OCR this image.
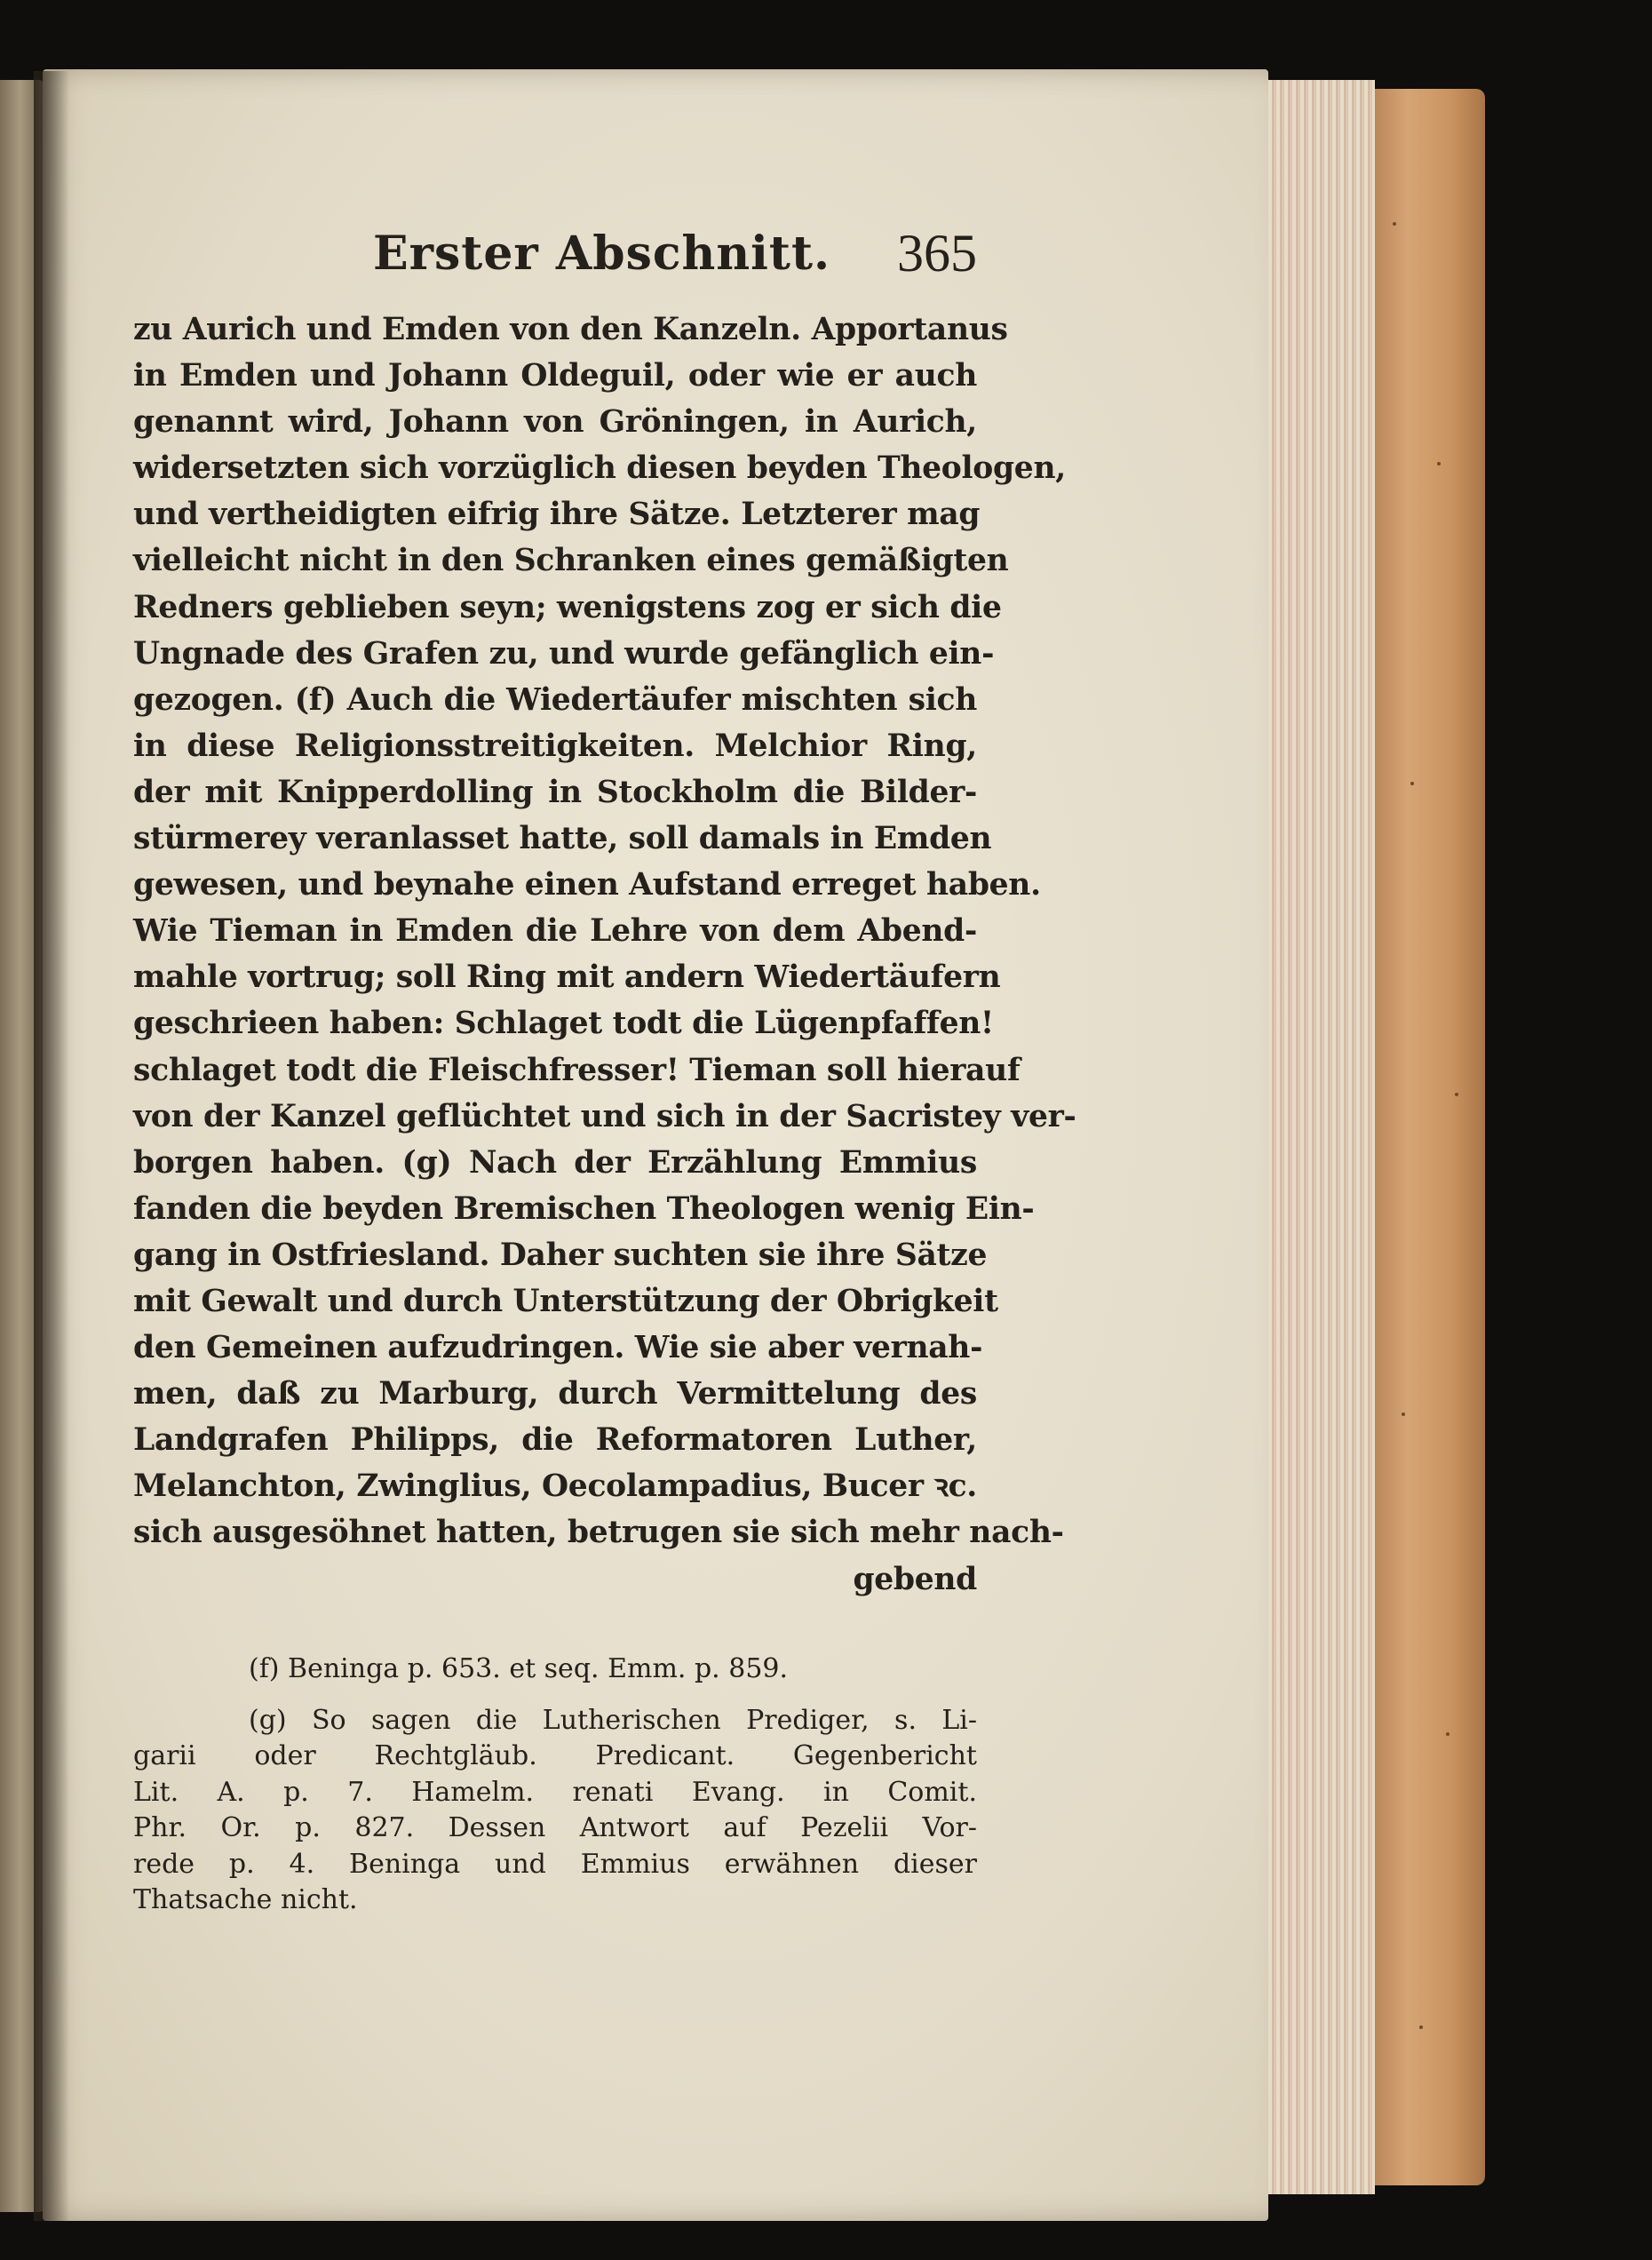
Erster Abschnitt. 365
zu Aurich und Emden von den Kanzeln. Apportanus
in Emden und Johann Oldeguil, oder wie er auch
genannt wird, Johann von Gröningen, in Aurich,
widersetzten sich vorzüglich diesen beyden Theologen,
und vertheidigten eifrig ihre Sätze. Letzterer mag
vielleicht nicht in den Schranken eines gemäßigten
Redners geblieben seyn; wenigstens zog er sich die
Ungnade des Grafen zu, und wurde gefänglich ein-
gezogen. (f) Auch die Wiedertäufer mischten sich
in diese Religionsstreitigkeiten. Melchior Ring,
der mit Knipperdolling in Stockholm die Bilder-
stürmerey veranlasset hatte, soll damals in Emden
gewesen, und beynahe einen Aufstand erreget haben.
Wie Tieman in Emden die Lehre von dem Abend-
mahle vortrug; soll Ring mit andern Wiedertäufern
geschrieen haben: Schlaget todt die Lügenpfaffen!
schlaget todt die Fleischfresser! Tieman soll hierauf
von der Kanzel geflüchtet und sich in der Sacristey ver-
borgen haben. (g) Nach der Erzählung Emmius
fanden die beyden Bremischen Theologen wenig Ein-
gang in Ostfriesland. Daher suchten sie ihre Sätze
mit Gewalt und durch Unterstützung der Obrigkeit
den Gemeinen aufzudringen. Wie sie aber vernah-
men, daß zu Marburg, durch Vermittelung des
Landgrafen Philipps, die Reformatoren Luther,
Melanchton, Zwinglius, Oecolampadius, Bucer ꝛc.
sich ausgesöhnet hatten, betrugen sie sich mehr nach-
gebend
(f) Beninga p. 653. et seq. Emm. p. 859.
(g) So sagen die Lutherischen Prediger, s. Li-
garii oder Rechtgläub. Predicant. Gegenbericht
Lit. A. p. 7. Hamelm. renati Evang. in Comit.
Phr. Or. p. 827. Dessen Antwort auf Pezelii Vor-
rede p. 4. Beninga und Emmius erwähnen dieser
Thatsache nicht.
